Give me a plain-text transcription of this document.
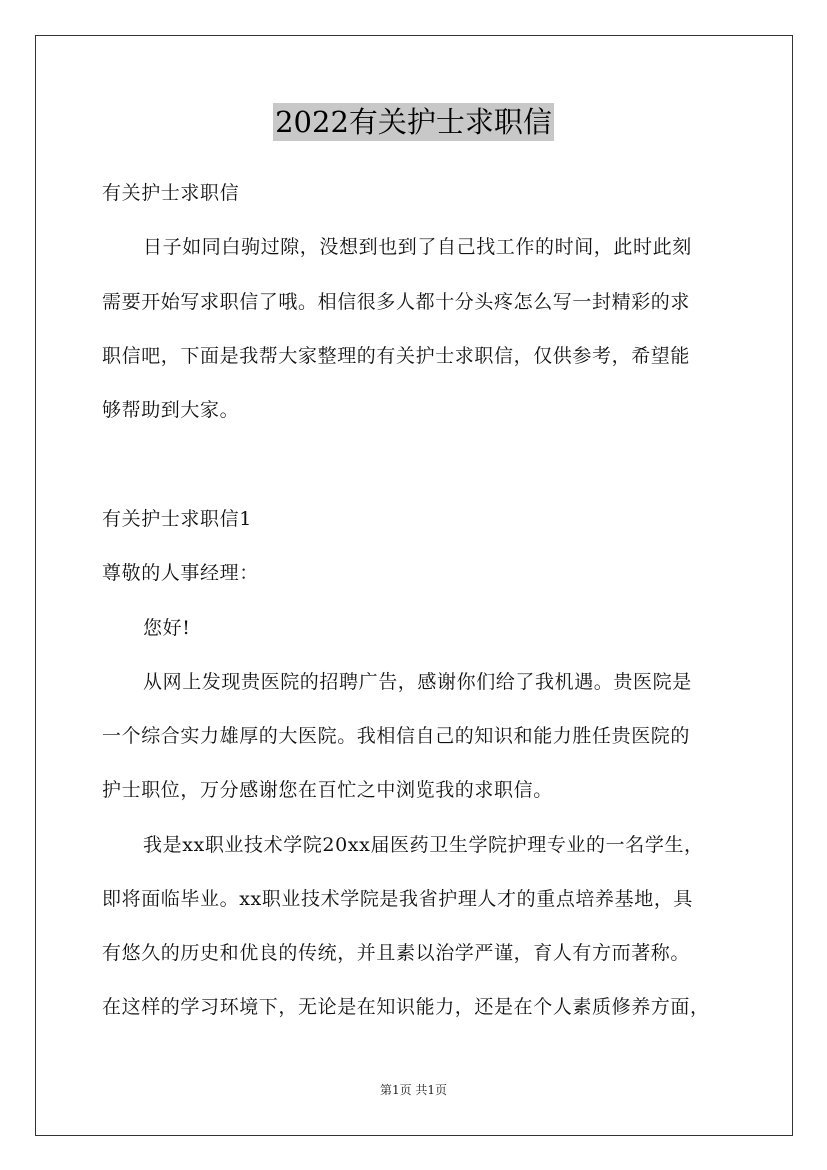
2022有关护士求职信
有关护士求职信
日子如同白驹过隙，没想到也到了自己找工作的时间，此时此刻
需要开始写求职信了哦。相信很多人都十分头疼怎么写一封精彩的求
职信吧，下面是我帮大家整理的有关护士求职信，仅供参考，希望能
够帮助到大家。
有关护士求职信1
尊敬的人事经理：
您好!
从网上发现贵医院的招聘广告，感谢你们给了我机遇。贵医院是
一个综合实力雄厚的大医院。我相信自己的知识和能力胜任贵医院的
护士职位，万分感谢您在百忙之中浏览我的求职信。
我是xx职业技术学院20xx届医药卫生学院护理专业的一名学生，
即将面临毕业。xx职业技术学院是我省护理人才的重点培养基地，具
有悠久的历史和优良的传统，并且素以治学严谨，育人有方而著称。
在这样的学习环境下，无论是在知识能力，还是在个人素质修养方面，
第1页 共1页
